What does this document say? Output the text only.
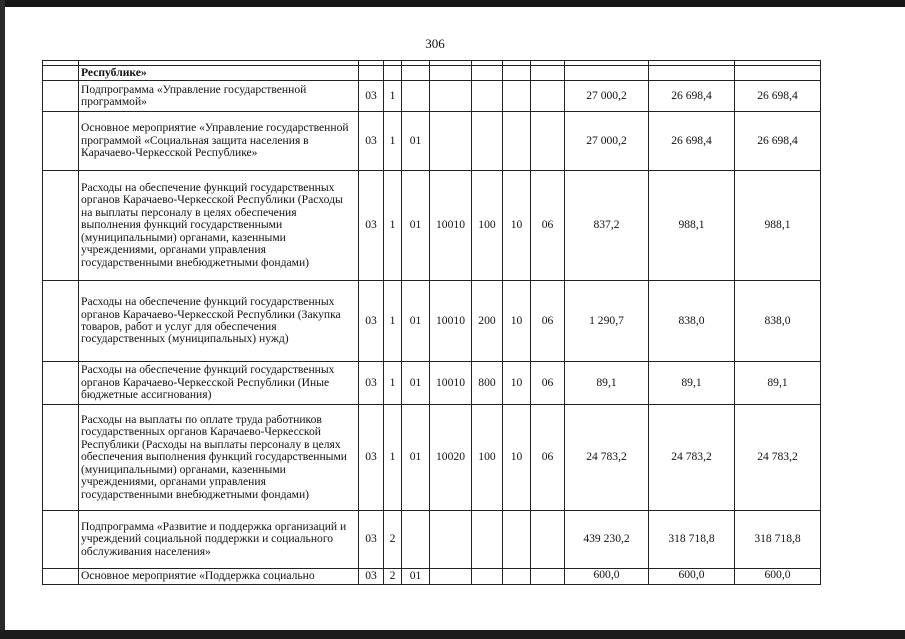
306

	Республике»										
	Подпрограмма «Управление государственной программой»	03	1						27 000,2	26 698,4	26 698,4
	Основное мероприятие «Управление государственной программой «Социальная защита населения в Карачаево-Черкесской Республике»	03	1	01					27 000,2	26 698,4	26 698,4
	Расходы на обеспечение функций государственных органов Карачаево-Черкесской Республики (Расходы на выплаты персоналу в целях обеспечения выполнения функций государственными (муниципальными) органами, казенными учреждениями, органами управления государственными внебюджетными фондами)	03	1	01	10010	100	10	06	837,2	988,1	988,1
	Расходы на обеспечение функций государственных органов Карачаево-Черкесской Республики (Закупка товаров, работ и услуг для обеспечения государственных (муниципальных) нужд)	03	1	01	10010	200	10	06	1 290,7	838,0	838,0
	Расходы на обеспечение функций государственных органов Карачаево-Черкесской Республики (Иные бюджетные ассигнования)	03	1	01	10010	800	10	06	89,1	89,1	89,1
	Расходы на выплаты по оплате труда работников государственных органов Карачаево-Черкесской Республики (Расходы на выплаты персоналу в целях обеспечения выполнения функций государственными (муниципальными) органами, казенными учреждениями, органами управления государственными внебюджетными фондами)	03	1	01	10020	100	10	06	24 783,2	24 783,2	24 783,2
	Подпрограмма «Развитие и поддержка организаций и учреждений социальной поддержки и социального обслуживания населения»	03	2						439 230,2	318 718,8	318 718,8
	Основное мероприятие «Поддержка социально	03	2	01					600,0	600,0	600,0
